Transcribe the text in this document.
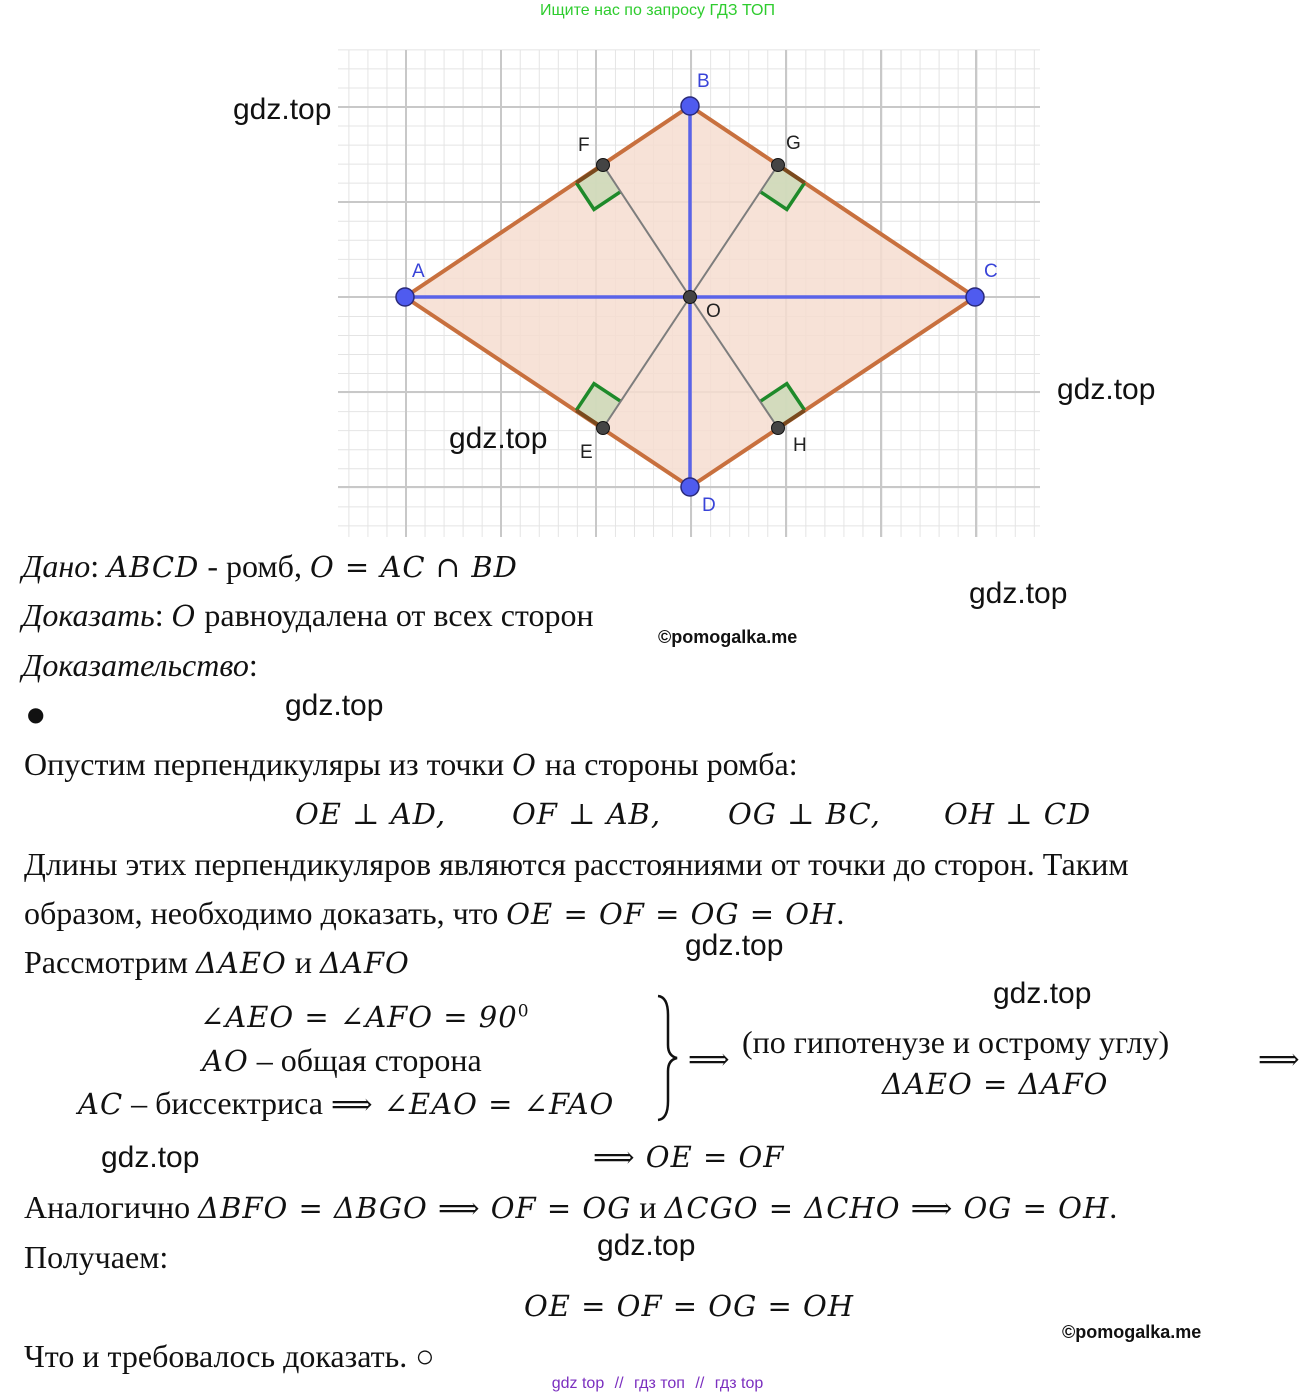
Ищите нас по запросу ГДЗ ТОП
A
B
C
D
O
E
F	G
H
gdz.top
gdz.top
gdz.top
gdz.top
gdz.top
gdz.top
gdz.top
gdz.top
gdz.top
©pomogalka.me
©pomogalka.me
Дано: ABCD - ромб, O = AC ∩ BD
Доказать: O равноудалена от всех сторон
Доказательство:
●
Опустим перпендикуляры из точки O на стороны ромба:
OE ⊥ AD, OF ⊥ AB, OG ⊥ BC, OH ⊥ CD
Длины этих перпендикуляров являются расстояниями от точки до сторон. Таким
образом, необходимо доказать, что OE = OF = OG = OH.
Рассмотрим ΔAEO и ΔAFO
∠AEO = ∠AFO = $90^0$
AO – общая сторона
AC – биссектриса ⟹ ∠EAO = ∠FAO
⟹ (по гипотенузе и острому углу)
ΔAEO = ΔAFO
⟹
⟹ OE = OF
Аналогично ΔBFO = ΔBGO ⟹ OF = OG и ΔCGO = ΔCHO ⟹ OG = OH.
Получаем:
OE = OF = OG = OH
Что и требовалось доказать. ○
gdz top // гдз топ // гдз top
